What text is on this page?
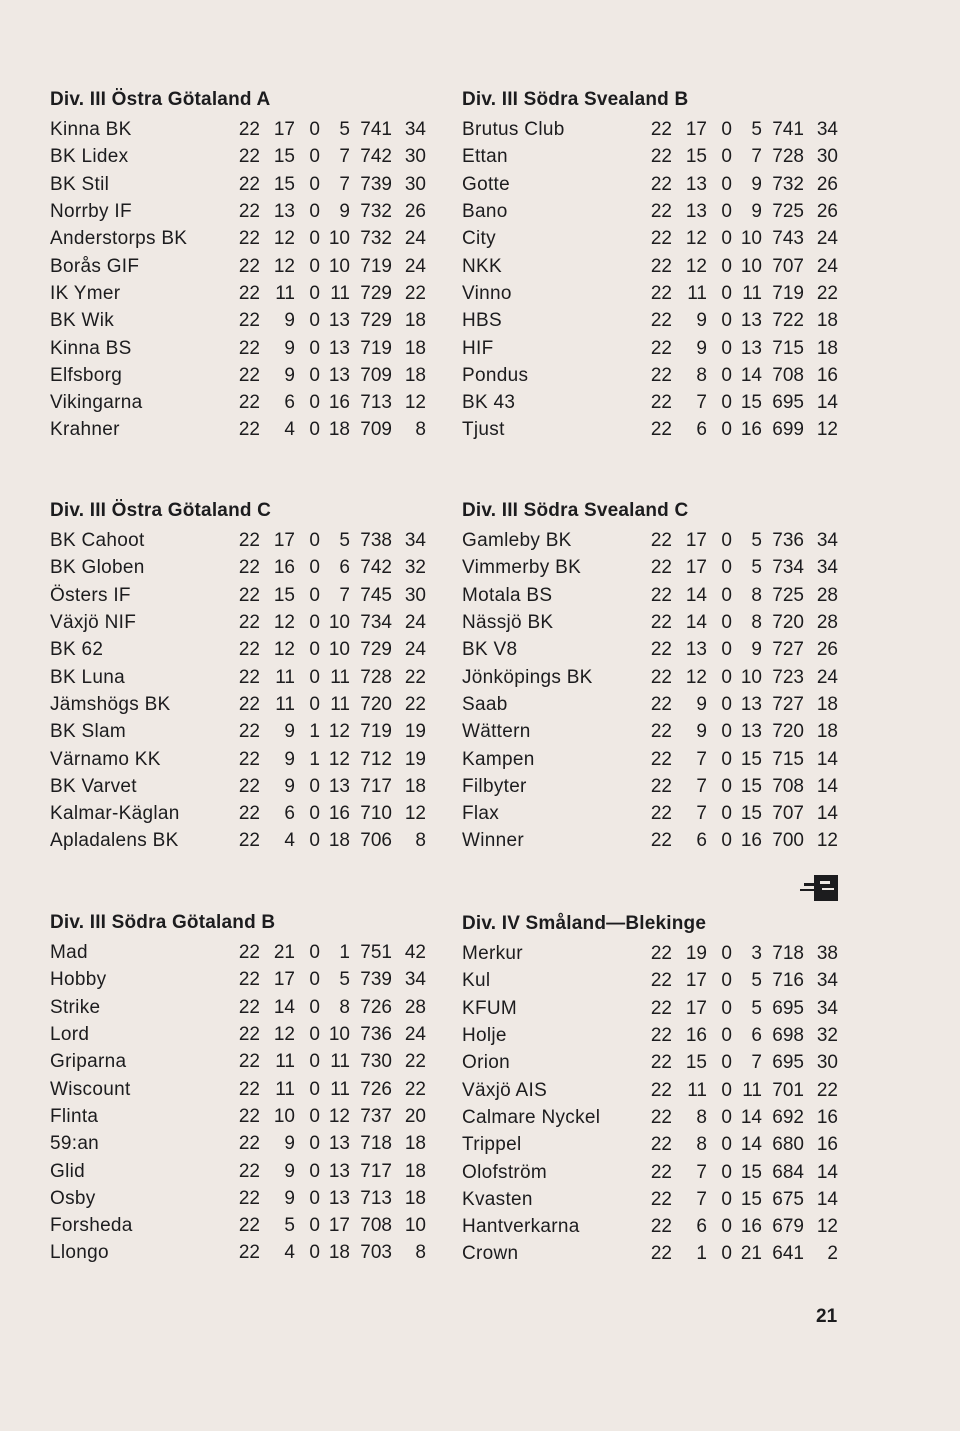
Div. III Östra Götaland A
Kinna BK	22	17	0	5	741	34
BK Lidex	22	15	0	7	742	30
BK Stil	22	15	0	7	739	30
Norrby IF	22	13	0	9	732	26
Anderstorps BK	22	12	0	10	732	24
Borås GIF	22	12	0	10	719	24
IK Ymer	22	11	0	11	729	22
BK Wik	22	9	0	13	729	18
Kinna BS	22	9	0	13	719	18
Elfsborg	22	9	0	13	709	18
Vikingarna	22	6	0	16	713	12
Krahner	22	4	0	18	709	8
Div. III Södra Svealand B
Brutus Club	22	17	0	5	741	34
Ettan	22	15	0	7	728	30
Gotte	22	13	0	9	732	26
Bano	22	13	0	9	725	26
City	22	12	0	10	743	24
NKK	22	12	0	10	707	24
Vinno	22	11	0	11	719	22
HBS	22	9	0	13	722	18
HIF	22	9	0	13	715	18
Pondus	22	8	0	14	708	16
BK 43	22	7	0	15	695	14
Tjust	22	6	0	16	699	12
Div. III Östra Götaland C
BK Cahoot	22	17	0	5	738	34
BK Globen	22	16	0	6	742	32
Östers IF	22	15	0	7	745	30
Växjö NIF	22	12	0	10	734	24
BK 62	22	12	0	10	729	24
BK Luna	22	11	0	11	728	22
Jämshögs BK	22	11	0	11	720	22
BK Slam	22	9	1	12	719	19
Värnamo KK	22	9	1	12	712	19
BK Varvet	22	9	0	13	717	18
Kalmar-Käglan	22	6	0	16	710	12
Apladalens BK	22	4	0	18	706	8
Div. III Södra Svealand C
Gamleby BK	22	17	0	5	736	34
Vimmerby BK	22	17	0	5	734	34
Motala BS	22	14	0	8	725	28
Nässjö BK	22	14	0	8	720	28
BK V8	22	13	0	9	727	26
Jönköpings BK	22	12	0	10	723	24
Saab	22	9	0	13	727	18
Wättern	22	9	0	13	720	18
Kampen	22	7	0	15	715	14
Filbyter	22	7	0	15	708	14
Flax	22	7	0	15	707	14
Winner	22	6	0	16	700	12
Div. III Södra Götaland B
Mad	22	21	0	1	751	42
Hobby	22	17	0	5	739	34
Strike	22	14	0	8	726	28
Lord	22	12	0	10	736	24
Griparna	22	11	0	11	730	22
Wiscount	22	11	0	11	726	22
Flinta	22	10	0	12	737	20
59:an	22	9	0	13	718	18
Glid	22	9	0	13	717	18
Osby	22	9	0	13	713	18
Forsheda	22	5	0	17	708	10
Llongo	22	4	0	18	703	8
Div. IV Småland—Blekinge
Merkur	22	19	0	3	718	38
Kul	22	17	0	5	716	34
KFUM	22	17	0	5	695	34
Holje	22	16	0	6	698	32
Orion	22	15	0	7	695	30
Växjö AIS	22	11	0	11	701	22
Calmare Nyckel	22	8	0	14	692	16
Trippel	22	8	0	14	680	16
Olofström	22	7	0	15	684	14
Kvasten	22	7	0	15	675	14
Hantverkarna	22	6	0	16	679	12
Crown	22	1	0	21	641	2
21
